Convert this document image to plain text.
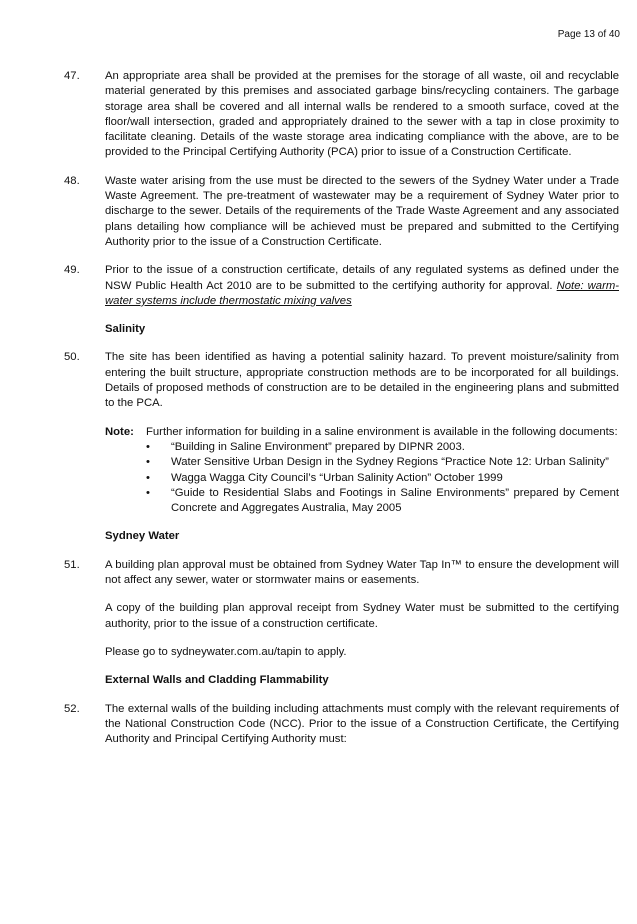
Page 13 of 40
47. An appropriate area shall be provided at the premises for the storage of all waste, oil and recyclable material generated by this premises and associated garbage bins/recycling containers. The garbage storage area shall be covered and all internal walls be rendered to a smooth surface, coved at the floor/wall intersection, graded and appropriately drained to the sewer with a tap in close proximity to facilitate cleaning. Details of the waste storage area indicating compliance with the above, are to be provided to the Principal Certifying Authority (PCA) prior to issue of a Construction Certificate.
48. Waste water arising from the use must be directed to the sewers of the Sydney Water under a Trade Waste Agreement. The pre-treatment of wastewater may be a requirement of Sydney Water prior to discharge to the sewer. Details of the requirements of the Trade Waste Agreement and any associated plans detailing how compliance will be achieved must be prepared and submitted to the Certifying Authority prior to the issue of a Construction Certificate.
49. Prior to the issue of a construction certificate, details of any regulated systems as defined under the NSW Public Health Act 2010 are to be submitted to the certifying authority for approval. Note: warm-water systems include thermostatic mixing valves

Salinity

50. The site has been identified as having a potential salinity hazard. To prevent moisture/salinity from entering the built structure, appropriate construction methods are to be incorporated for all buildings. Details of proposed methods of construction are to be detailed in the engineering plans and submitted to the PCA.
Note: Further information for building in a saline environment is available in the following documents:
• “Building in Saline Environment” prepared by DIPNR 2003.
• Water Sensitive Urban Design in the Sydney Regions “Practice Note 12: Urban Salinity”
• Wagga Wagga City Council’s “Urban Salinity Action” October 1999
• “Guide to Residential Slabs and Footings in Saline Environments” prepared by Cement Concrete and Aggregates Australia, May 2005

Sydney Water

51. A building plan approval must be obtained from Sydney Water Tap In™ to ensure the development will not affect any sewer, water or stormwater mains or easements.
A copy of the building plan approval receipt from Sydney Water must be submitted to the certifying authority, prior to the issue of a construction certificate.
Please go to sydneywater.com.au/tapin to apply.

External Walls and Cladding Flammability

52. The external walls of the building including attachments must comply with the relevant requirements of the National Construction Code (NCC). Prior to the issue of a Construction Certificate, the Certifying Authority and Principal Certifying Authority must:
